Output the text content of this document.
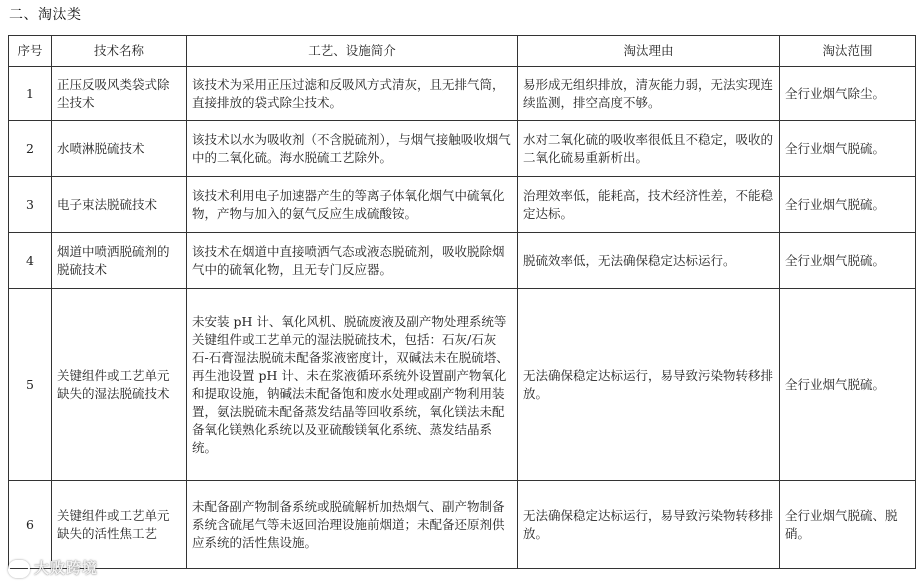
二、淘汰类
序号	技术名称	工艺、设施简介	淘汰理由	淘汰范围
1	正压反吸风类袋式除尘技术	该技术为采用正压过滤和反吸风方式清灰，且无排气筒，直接排放的袋式除尘技术。	易形成无组织排放，清灰能力弱，无法实现连续监测，排空高度不够。	全行业烟气除尘。
2	水喷淋脱硫技术	该技术以水为吸收剂（不含脱硫剂），与烟气接触吸收烟气中的二氧化硫。海水脱硫工艺除外。	水对二氧化硫的吸收率很低且不稳定，吸收的二氧化硫易重新析出。	全行业烟气脱硫。
3	电子束法脱硫技术	该技术利用电子加速器产生的等离子体氧化烟气中硫氧化物，产物与加入的氨气反应生成硫酸铵。	治理效率低，能耗高，技术经济性差，不能稳定达标。	全行业烟气脱硫。
4	烟道中喷洒脱硫剂的脱硫技术	该技术在烟道中直接喷洒气态或液态脱硫剂，吸收脱除烟气中的硫氧化物，且无专门反应器。	脱硫效率低，无法确保稳定达标运行。	全行业烟气脱硫。
5	关键组件或工艺单元缺失的湿法脱硫技术	未安装 pH 计、氧化风机、脱硫废液及副产物处理系统等关键组件或工艺单元的湿法脱硫技术，包括：石灰/石灰石-石膏湿法脱硫未配备浆液密度计，双碱法未在脱硫塔、再生池设置 pH 计、未在浆液循环系统外设置副产物氧化和提取设施，钠碱法未配备饱和废水处理或副产物利用装置，氨法脱硫未配备蒸发结晶等回收系统，氧化镁法未配备氧化镁熟化系统以及亚硫酸镁氧化系统、蒸发结晶系统。	无法确保稳定达标运行，易导致污染物转移排放。	全行业烟气脱硫。
6	关键组件或工艺单元缺失的活性焦工艺	未配备副产物制备系统或脱硫解析加热烟气、副产物制备系统含硫尾气等未返回治理设施前烟道；未配备还原剂供应系统的活性焦设施。	无法确保稳定达标运行，易导致污染物转移排放。	全行业烟气脱硫、脱硝。
大败跨境
